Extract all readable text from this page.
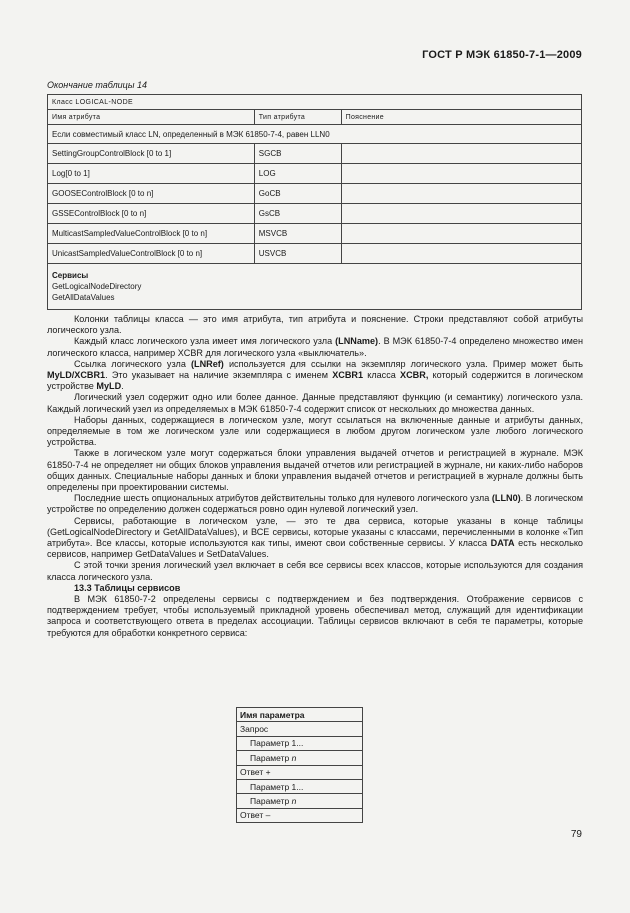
ГОСТ Р МЭК 61850-7-1—2009
Окончание таблицы 14
Класс LOGICAL-NODE		
Имя атрибута	Тип атрибута	Пояснение
Если совместимый класс LN, определенный в МЭК 61850-7-4, равен LLN0		
SettingGroupControlBlock [0 to 1]	SGCB	
Log[0 to 1]	LOG	
GOOSEControlBlock [0 to n]	GoCB	
GSSEControlBlock [0 to n]	GsCB	
MulticastSampledValueControlBlock [0 to n]	MSVCB	
UnicastSampledValueControlBlock [0 to n]	USVCB	

Сервисы
GetLogicalNodeDirectory
GetAllDataValues		

Колонки таблицы класса — это имя атрибута, тип атрибута и пояснение. Строки представляют собой атрибуты логического узла.

Каждый класс логического узла имеет имя логического узла (LNName). В МЭК 61850-7-4 определено множество имен логического класса, например XCBR для логического узла «выключатель».

Ссылка логического узла (LNRef) используется для ссылки на экземпляр логического узла. Пример может быть MyLD/XCBR1. Это указывает на наличие экземпляра с именем XCBR1 класса XCBR, который содержится в логическом устройстве MyLD.

Логический узел содержит одно или более данное. Данные представляют функцию (и семантику) логического узла. Каждый логический узел из определяемых в МЭК 61850-7-4 содержит список от нескольких до множества данных.

Наборы данных, содержащиеся в логическом узле, могут ссылаться на включенные данные и атрибуты данных, определяемые в том же логическом узле или содержащиеся в любом другом логическом узле любого логического устройства.

Также в логическом узле могут содержаться блоки управления выдачей отчетов и регистрацией в журнале. МЭК 61850-7-4 не определяет ни общих блоков управления выдачей отчетов или регистрацией в журнале, ни каких-либо наборов общих данных. Специальные наборы данных и блоки управления выдачей отчетов и регистрацией в журнале должны быть определены при проектировании системы.

Последние шесть опциональных атрибутов действительны только для нулевого логического узла (LLN0). В логическом устройстве по определению должен содержаться ровно один нулевой логический узел.

Сервисы, работающие в логическом узле, — это те два сервиса, которые указаны в конце таблицы (GetLogicalNodeDirectory и GetAllDataValues), и ВСЕ сервисы, которые указаны с классами, перечисленными в колонке «Тип атрибута». Все классы, которые используются как типы, имеют свои собственные сервисы. У класса DATA есть несколько сервисов, например GetDataValues и SetDataValues.

С этой точки зрения логический узел включает в себя все сервисы всех классов, которые используются для создания класса логического узла.

13.3 Таблицы сервисов

В МЭК 61850-7-2 определены сервисы с подтверждением и без подтверждения. Отображение сервисов с подтверждением требует, чтобы используемый прикладной уровень обеспечивал метод, служащий для идентификации запроса и соответствующего ответа в пределах ассоциации. Таблицы сервисов включают в себя те параметры, которые требуются для обработки конкретного сервиса:

Имя параметра
Запрос
Параметр 1...
Параметр n
Ответ +
Параметр 1...
Параметр n
Ответ –
79
